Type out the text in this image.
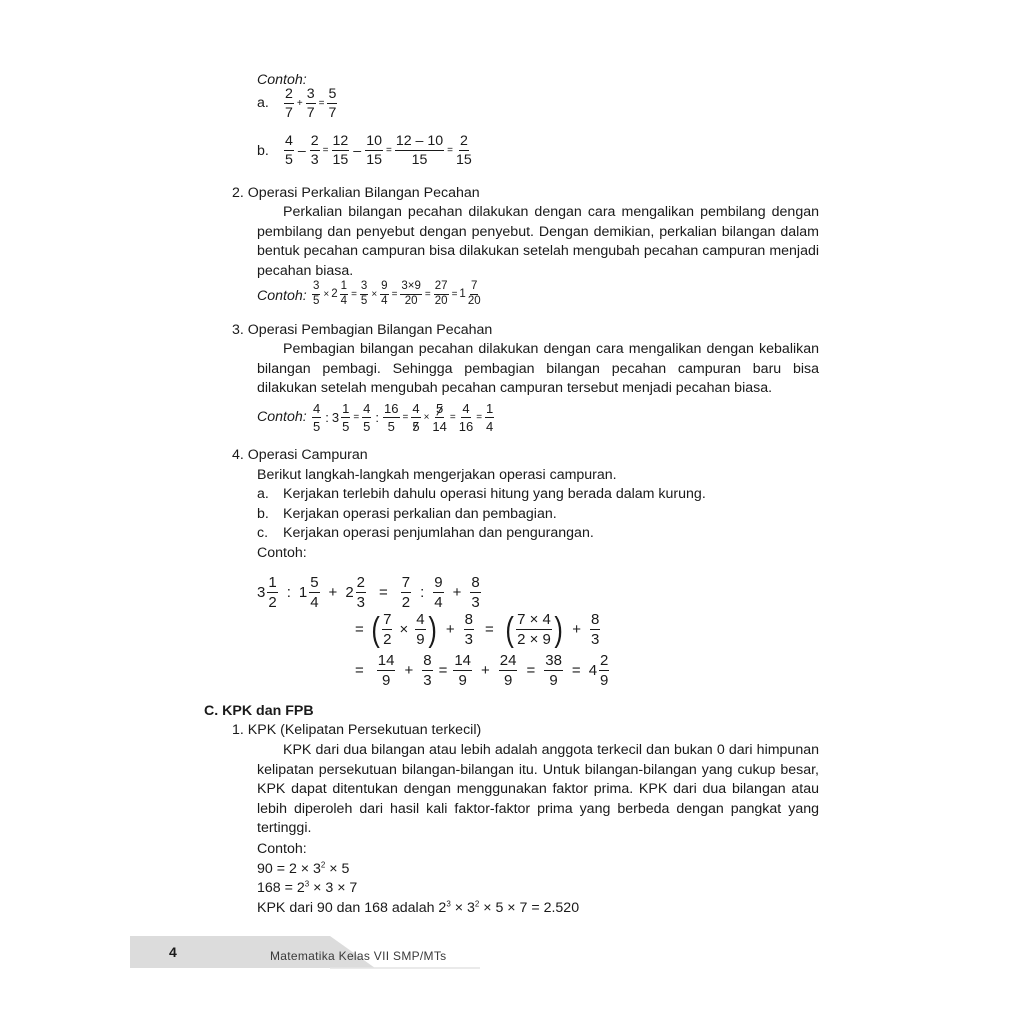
Contoh:
a. $\frac{2}{7} + \frac{3}{7} = \frac{5}{7}$
b. $\frac{4}{5} - \frac{2}{3} = \frac{12}{15} - \frac{10}{15} = \frac{12 - 10}{15} = \frac{2}{15}$
2. Operasi Perkalian Bilangan Pecahan
Perkalian bilangan pecahan dilakukan dengan cara mengalikan pembilang dengan pembilang dan penyebut dengan penyebut. Dengan demikian, perkalian bilangan dalam bentuk pecahan campuran bisa dilakukan setelah mengubah pecahan campuran menjadi pecahan biasa.
Contoh: $\frac{3}{5} \times 2 \frac{1}{4} = \frac{3}{5} \times \frac{9}{4} = \frac{3\times 9}{20} = \frac{27}{20} = 1 \frac{7}{20}$
3. Operasi Pembagian Bilangan Pecahan
Pembagian bilangan pecahan dilakukan dengan cara mengalikan dengan kebalikan bilangan pembagi. Sehingga pembagian bilangan pecahan campuran baru bisa dilakukan setelah mengubah pecahan campuran tersebut menjadi pecahan biasa.
Contoh: $\frac{4}{5}$ : $3 \frac{1}{5} = \frac{4}{5}$ : $\frac{16}{5} = \frac{4}{5} \times \frac{5}{14} = \frac{4}{16} = \frac{1}{4}$
4. Operasi Campuran
Berikut langkah-langkah mengerjakan operasi campuran.
a. Kerjakan terlebih dahulu operasi hitung yang berada dalam kurung.
b. Kerjakan operasi perkalian dan pembagian.
c. Kerjakan operasi penjumlahan dan pengurangan.
Contoh:
$3 \frac{1}{2}$ : $1 \frac{5}{4} + 2 \frac{2}{3} = \frac{7}{2}$ : $\frac{9}{4} + \frac{8}{3}$
= ( $\frac{7}{2} \times \frac{4}{9}$ ) + $\frac{8}{3}$ = ( $\frac{7 \times 4}{2 \times 9}$ ) + $\frac{8}{3}$
= $\frac{14}{9} + \frac{8}{3} = \frac{14}{9} + \frac{24}{9} = \frac{38}{9} = 4 \frac{2}{9}$
C. KPK dan FPB
1. KPK (Kelipatan Persekutuan terkecil)
KPK dari dua bilangan atau lebih adalah anggota terkecil dan bukan 0 dari himpunan kelipatan persekutuan bilangan-bilangan itu. Untuk bilangan-bilangan yang cukup besar, KPK dapat ditentukan dengan menggunakan faktor prima. KPK dari dua bilangan atau lebih diperoleh dari hasil kali faktor-faktor prima yang berbeda dengan pangkat yang tertinggi.
Contoh:
$90 = 2 \times 3^2 \times 5$
$168 = 2^3 \times 3 \times 7$
KPK dari 90 dan 168 adalah $2^3 \times 3^2 \times 5 \times 7 = 2.520$
4	Matematika Kelas VII SMP/MTs
